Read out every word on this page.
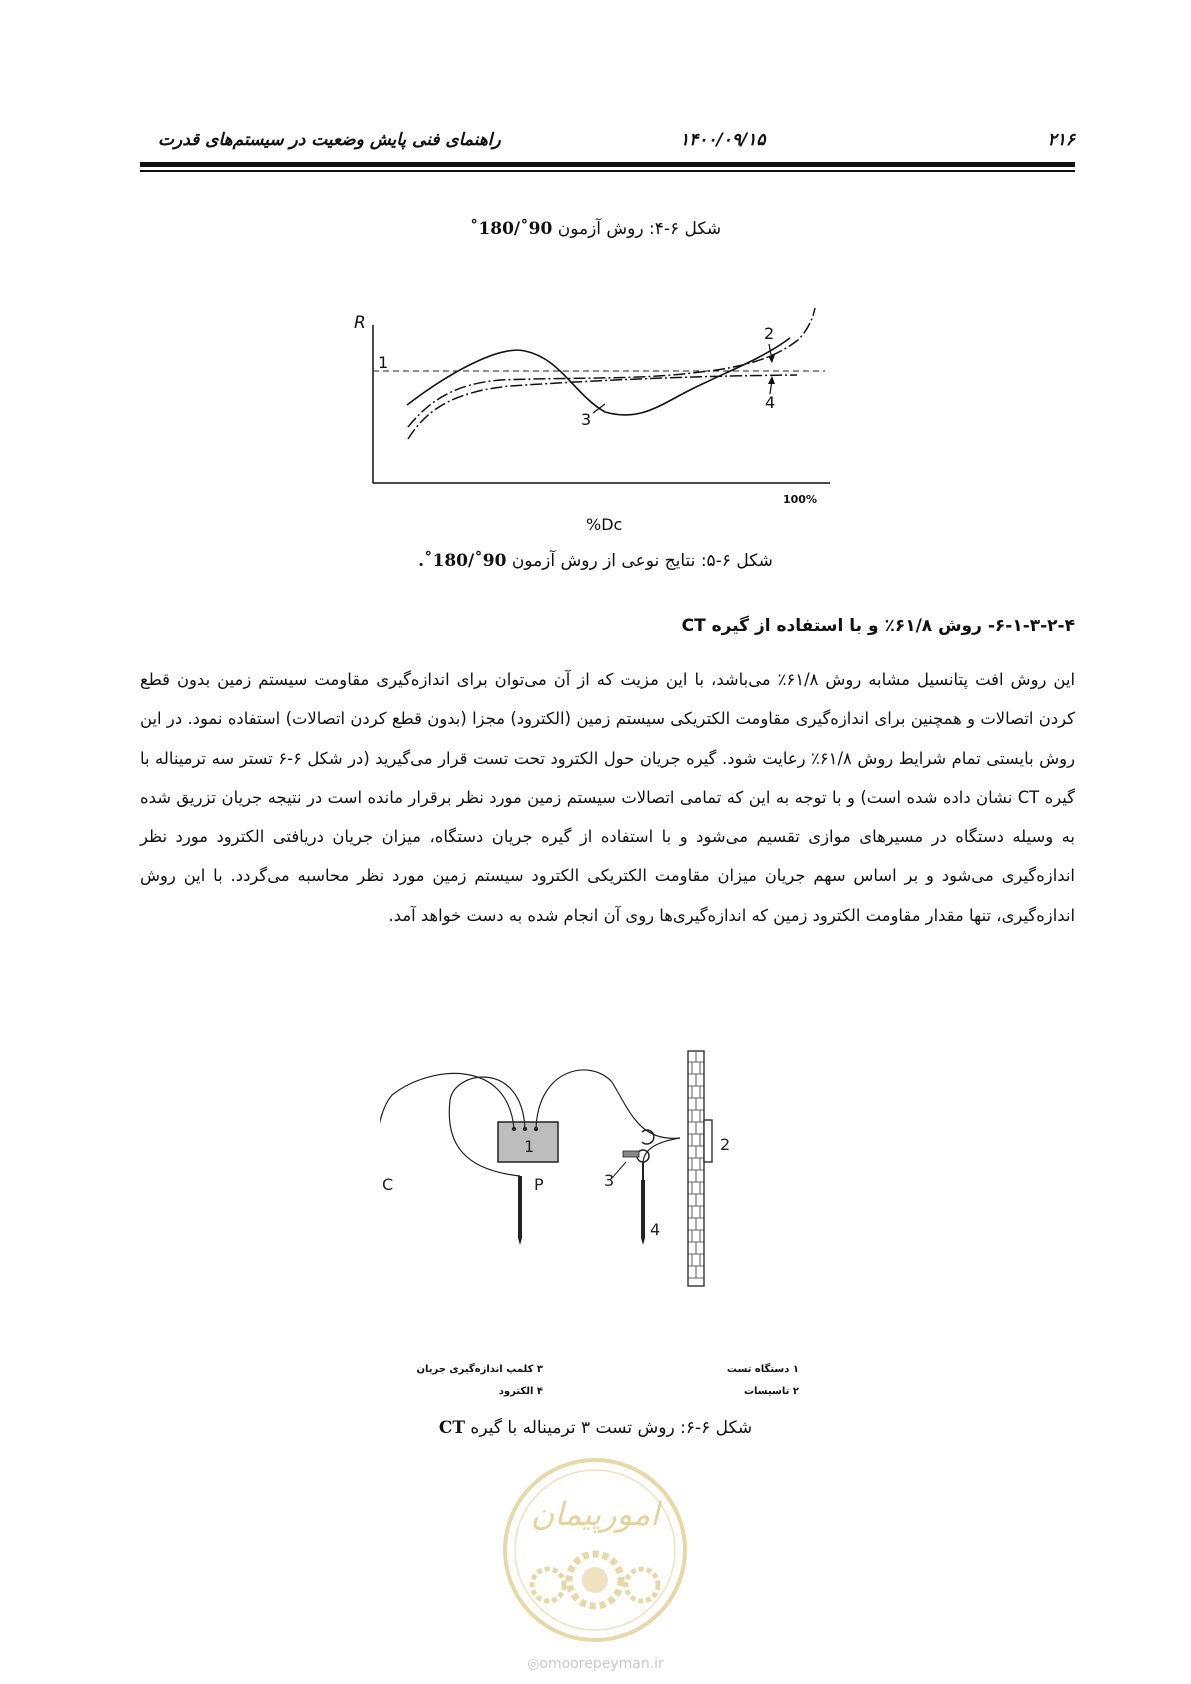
راهنمای فنی پایش وضعیت در سیستم‌های قدرت	۱۴۰۰/۰۹/۱۵	۲۱۶
شکل ۶-۴: روش آزمون 90˚/180˚
R
1
2
3
4
100%
%Dc
شکل ۶-۵: نتایج نوعی از روش آزمون 90˚/180˚.
۶-۱-۳-۲-۴- روش ۶۱/۸٪ و با استفاده از گیره CT
این روش افت پتانسیل مشابه روش ۶۱/۸٪ می‌باشد، با این مزیت که از آن می‌توان برای اندازه‌گیری مقاومت سیستم زمین بدون قطع کردن اتصالات و همچنین برای اندازه‌گیری مقاومت الکتریکی سیستم زمین (الکترود) مجزا (بدون قطع کردن اتصالات) استفاده نمود. در این روش بایستی تمام شرایط روش ۶۱/۸٪ رعایت شود. گیره جریان حول الکترود تحت تست قرار می‌گیرید (در شکل ۶-۶ تستر سه ترمیناله با گیره CT نشان داده شده است) و با توجه به این که تمامی اتصالات سیستم زمین مورد نظر برقرار مانده است در نتیجه جریان تزریق شده به وسیله دستگاه در مسیرهای موازی تقسیم می‌شود و با استفاده از گیره جریان دستگاه، میزان جریان دریافتی الکترود مورد نظر اندازه‌گیری می‌شود و بر اساس سهم جریان میزان مقاومت الکتریکی الکترود سیستم زمین مورد نظر محاسبه می‌گردد. با این روش اندازه‌گیری، تنها مقدار مقاومت الکترود زمین که اندازه‌گیری‌ها روی آن انجام شده به دست خواهد آمد.
1	2
3
4
C	P
۱ دستگاه تست
۲ تاسیسات
۳ کلمپ اندازه‌گیری جریان
۴ الکترود
شکل ۶-۶: روش تست ۳ ترمیناله با گیره CT
امورپیمان
◎omoorepeyman.ir
